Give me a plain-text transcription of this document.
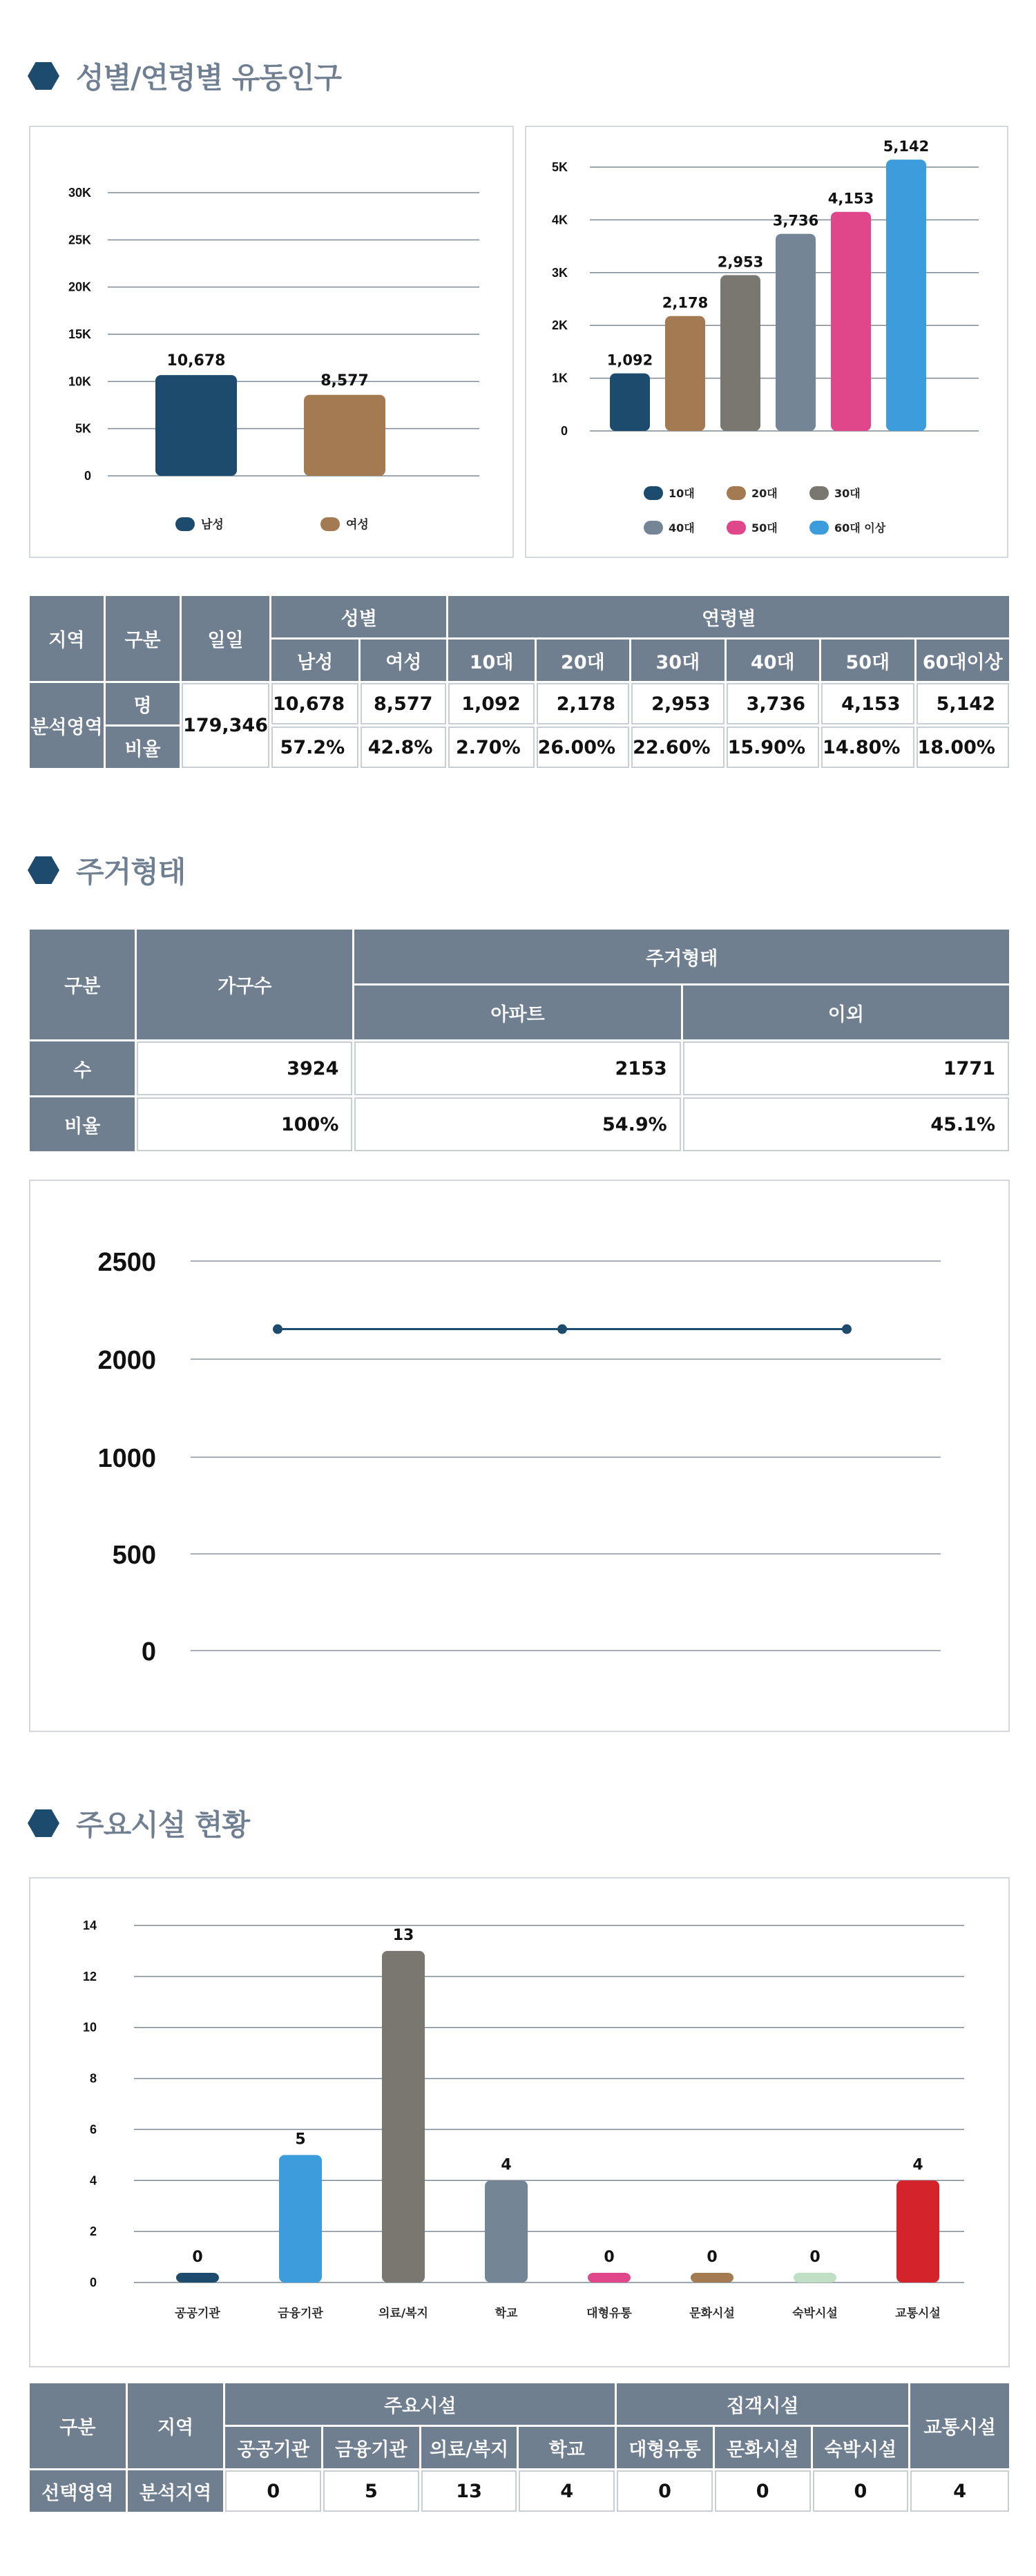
성별/연령별 유동인구
0
5K
10K
15K
20K
25K
30K
10,678
8,577
남성	여성
0
1K
2K
3K
4K
5K
1,092
2,178
2,953
3,736
4,153
5,142
10대	20대	30대
40대	50대	60대 이상
지역	구분	일일	성별		연령별					
			남성	여성	10대	20대	30대	40대	50대	60대이상
분석영역	명	179,346	10,678	8,577	1,092	2,178	2,953	3,736	4,153	5,142
	비율		57.2%	42.8%	2.70%	26.00%	22.60%	15.90%	14.80%	18.00%
주거형태
구분	가구수	주거형태	
		아파트	이외
수	3924	2153	1771
비율	100%	54.9%	45.1%
0
500
1000
2000
2500
주요시설 현황
0
2
4
6
8
10
12
14
0
5
13
4
0	0	0
4
공공기관	금융기관	의료/복지	학교	대형유통	문화시설	숙박시설	교통시설
구분	지역	주요시설				집객시설			교통시설
		공공기관	금융기관	의료/복지	학교	대형유통	문화시설	숙박시설	
선택영역	분석지역	0	5	13	4	0	0	0	4
